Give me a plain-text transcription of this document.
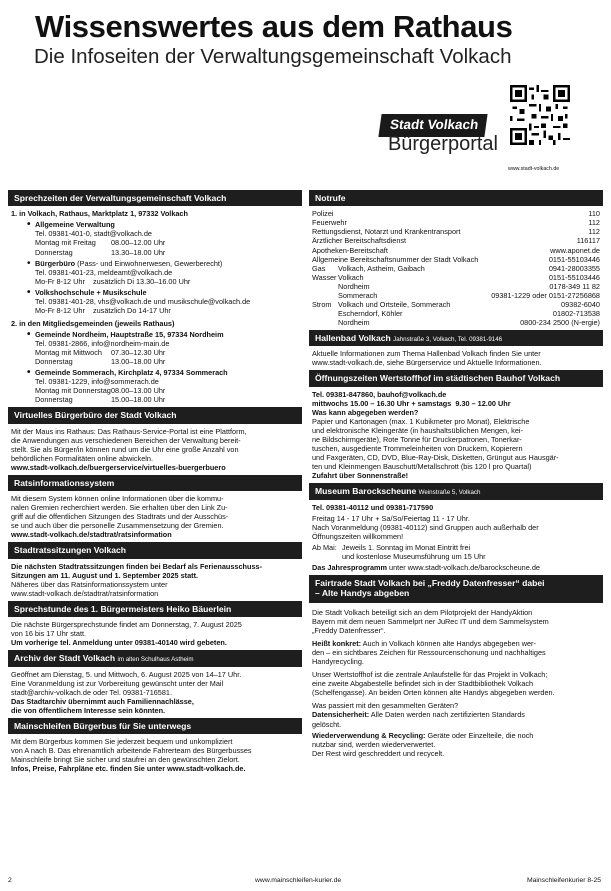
Wissenswertes aus dem Rathaus
Die Infoseiten der Verwaltungsgemeinschaft Volkach
Stadt Volkach
Bürgerportal
www.stadt-volkach.de
Sprechzeiten der Verwaltungsgemeinschaft Volkach
1. in Volkach, Rathaus, Marktplatz 1, 97332 Volkach
• Allgemeine Verwaltung
Tel. 09381-401-0, stadt@volkach.de
Montag mit Freitag	08.00–12.00 Uhr
Donnerstag	13.30–18.00 Uhr
• Bürgerbüro (Pass- und Einwohnerwesen, Gewerberecht)
Tel. 09381-401-23, meldeamt@volkach.de
Mo-Fr 8-12 Uhr    zusätzlich Di 13.30–16.00 Uhr
• Volkshochschule + Musikschule
Tel. 09381-401-28, vhs@volkach.de und musikschule@volkach.de
Mo-Fr 8-12 Uhr    zusätzlich Do 14-17 Uhr
2. in den Mitgliedsgemeinden (jeweils Rathaus)
• Gemeinde Nordheim, Hauptstraße 15, 97334 Nordheim
Tel. 09381-2866, info@nordheim-main.de
Montag mit Mittwoch	07.30–12.30 Uhr
Donnerstag	13.00–18.00 Uhr
• Gemeinde Sommerach, Kirchplatz 4, 97334 Sommerach
Tel. 09381-1229, info@sommerach.de
Montag mit Donnerstag 08.00–13.00 Uhr
Donnerstag	15.00–18.00 Uhr
Virtuelles Bürgerbüro der Stadt Volkach
Mit der Maus ins Rathaus: Das Rathaus-Service-Portal ist eine Plattform,
die Anwendungen aus verschiedenen Bereichen der Verwaltung bereit-
stellt. Sie als Bürger/in können rund um die Uhr eine große Anzahl von
behördlichen Formalitäten online abwickeln.
www.stadt-volkach.de/buergerservice/virtuelles-buergerbuero
Ratsinformationssystem
Mit diesem System können online Informationen über die kommu-
nalen Gremien recherchiert werden. Sie erhalten über den Link Zu-
griff auf die öffentlichen Sitzungen des Stadtrats und der Ausschüs-
se und auch über die personelle Zusammensetzung der Gremien.
www.stadt-volkach.de/stadtrat/ratsinformation
Stadtratssitzungen Volkach
Die nächsten Stadtratssitzungen finden bei Bedarf als Ferienausschuss-
Sitzungen am 11. August und 1. September 2025 statt.
Näheres über das Ratsinformationssystem unter
www.stadt-volkach.de/stadtrat/ratsinformation
Sprechstunde des 1. Bürgermeisters Heiko Bäuerlein
Die nächste Bürgersprechstunde findet am Donnerstag, 7. August 2025
von 16 bis 17 Uhr statt.
Um vorherige tel. Anmeldung unter 09381-40140 wird gebeten.
Archiv der Stadt Volkach im alten Schulhaus Astheim
Geöffnet am Dienstag, 5. und Mittwoch, 6. August 2025 von 14–17 Uhr.
Eine Voranmeldung ist zur Vorbereitung gewünscht unter der Mail
stadt@archiv-volkach.de oder Tel. 09381-716581.
Das Stadtarchiv übernimmt auch Familiennachlässe,
die von öffentlichem Interesse sein könnten.
Mainschleifen Bürgerbus für Sie unterwegs
Mit dem Bürgerbus kommen Sie jederzeit bequem und unkompliziert
von A nach B. Das ehrenamtlich arbeitende Fahrerteam des Bürgerbusses
Mainschleife bringt Sie sicher und staufrei an den gewünschten Zielort.
Infos, Preise, Fahrpläne etc. finden Sie unter www.stadt-volkach.de.
Notrufe
Polizei	110
Feuerwehr	112
Rettungsdienst, Notarzt und Krankentransport	112
Ärztlicher Bereitschaftsdienst	116117
Apotheken-Bereitschaft	www.aponet.de
Allgemeine Bereitschaftsnummer der Stadt Volkach	0151-55103446
Gas Volkach, Astheim, Gaibach	0941-28003355
Wasser Volkach	0151-55103446
Nordheim	0178-349 11 82
Sommerach	09381-1229 oder 0151-27256868
Strom Volkach und Ortsteile, Sommerach	09382-6040
Escherndorf, Köhler	01802-713538
Nordheim	0800-234 2500 (N-ergie)
Hallenbad Volkach Jahnstraße 3, Volkach, Tel. 09381-9146
Aktuelle Informationen zum Thema Hallenbad Volkach finden Sie unter
www.stadt-volkach.de, siehe Bürgerservice und Aktuelle Informationen.
Öffnungszeiten Wertstoffhof im städtischen Bauhof Volkach
Tel. 09381-847860, bauhof@volkach.de
mittwochs 15.00 – 16.30 Uhr + samstags  9.30 – 12.00 Uhr
Was kann abgegeben werden?
Papier und Kartonagen (max. 1 Kubikmeter pro Monat), Elektrische
und elektronische Kleingeräte (in haushaltsüblichen Mengen, kei-
ne Bildschirmgeräte), Rote Tonne für Druckerpatronen, Tonerkar-
tuschen, ausgediente Trommeleinheiten von Druckern, Kopierern
und Faxgeräten, CD, DVD, Blue-Ray-Disk, Disketten, Grüngut aus Hausgär-
ten und Kleinmengen Bauschutt/Metallschrott (bis 120 l pro Quartal)
Zufahrt über Sonnenstraße!
Museum Barockscheune Weinstraße 5, Volkach
Tel. 09381-40112 und 09381-717590
Freitag 14 - 17 Uhr + Sa/So/Feiertag 11 - 17 Uhr.
Nach Voranmeldung (09381-40112) sind Gruppen auch außerhalb der
Öffnungszeiten willkommen!
Ab Mai: Jeweils 1. Sonntag im Monat Eintritt frei
und kostenlose Museumsführung um 15 Uhr
Das Jahresprogramm unter www.stadt-volkach.de/barockscheune.de
Fairtrade Stadt Volkach bei „Freddy Datenfresser“ dabei
– Alte Handys abgeben
Die Stadt Volkach beteiligt sich an dem Pilotprojekt der HandyAktion
Bayern mit dem neuen Sammelprt ner JuRec IT und dem Sammelsystem
„Freddy Datenfresser“.
Heißt konkret: Auch in Volkach können alte Handys abgegeben wer-
den – ein sichtbares Zeichen für Ressourcenschonung und nachhaltiges
Handyrecycling.
Unser Wertstoffhof ist die zentrale Anlaufstelle für das Projekt in Volkach;
eine zweite Abgabestelle befindet sich in der Stadtbibliothek Volkach
(Schelfengasse). An beiden Orten können alte Handys abgegeben werden.
Was passiert mit den gesammelten Geräten?
Datensicherheit: Alle Daten werden nach zertifizierten Standards
gelöscht.
Wiederverwendung & Recycling: Geräte oder Einzelteile, die noch
nutzbar sind, werden wiederverwertet.
Der Rest wird geschreddert und recycelt.
2	www.mainschleifen-kurier.de	Mainschleifenkurier 8-25
